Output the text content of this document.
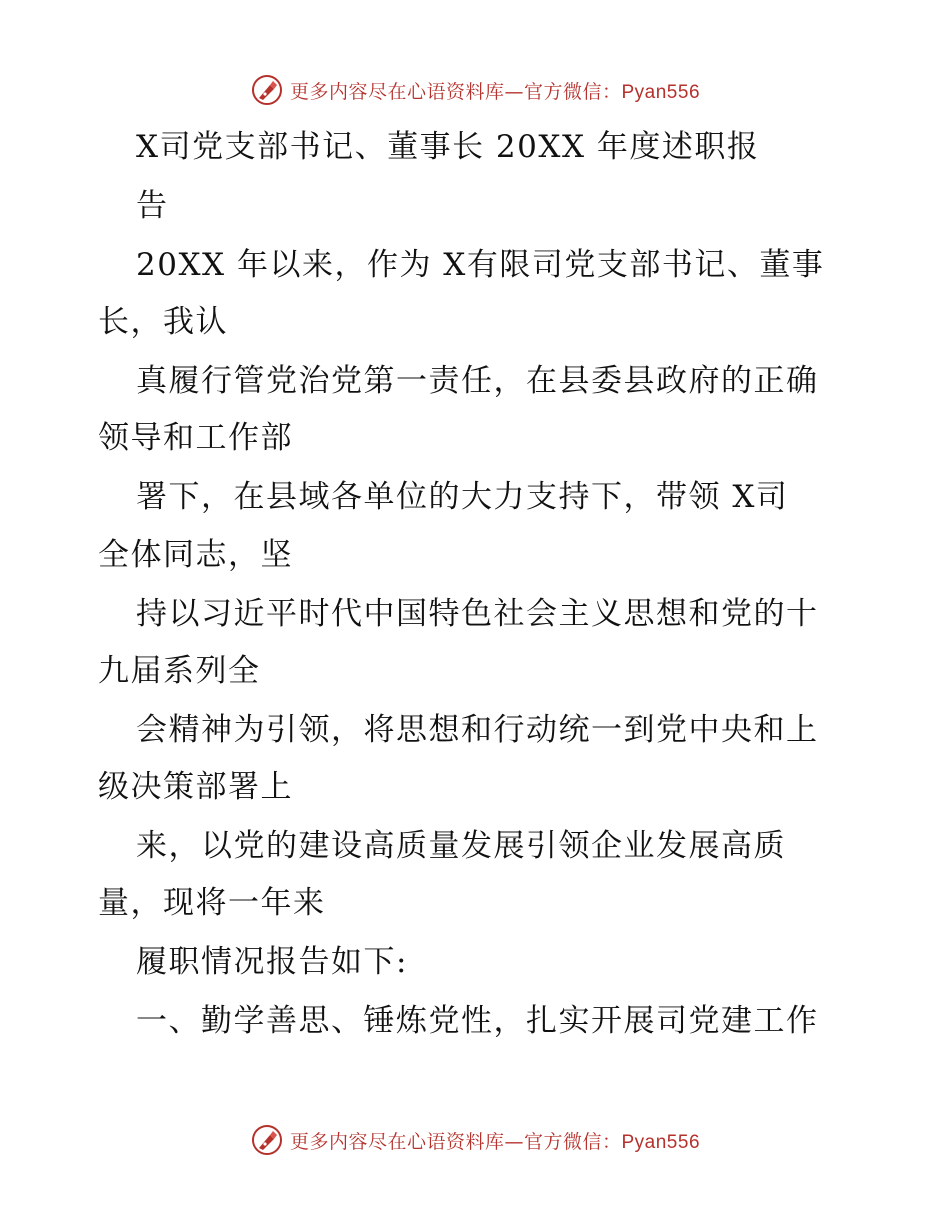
更多内容尽在心语资料库—官方微信：Pyan556
X司党支部书记、董事长 20XX 年度述职报
告
20XX 年以来，作为 X有限司党支部书记、董事
长，我认
真履行管党治党第一责任，在县委县政府的正确
领导和工作部
署下，在县域各单位的大力支持下，带领 X司
全体同志，坚
持以习近平时代中国特色社会主义思想和党的十
九届系列全
会精神为引领，将思想和行动统一到党中央和上
级决策部署上
来，以党的建设高质量发展引领企业发展高质
量，现将一年来
履职情况报告如下:
一、勤学善思、锤炼党性，扎实开展司党建工作
更多内容尽在心语资料库—官方微信：Pyan556
